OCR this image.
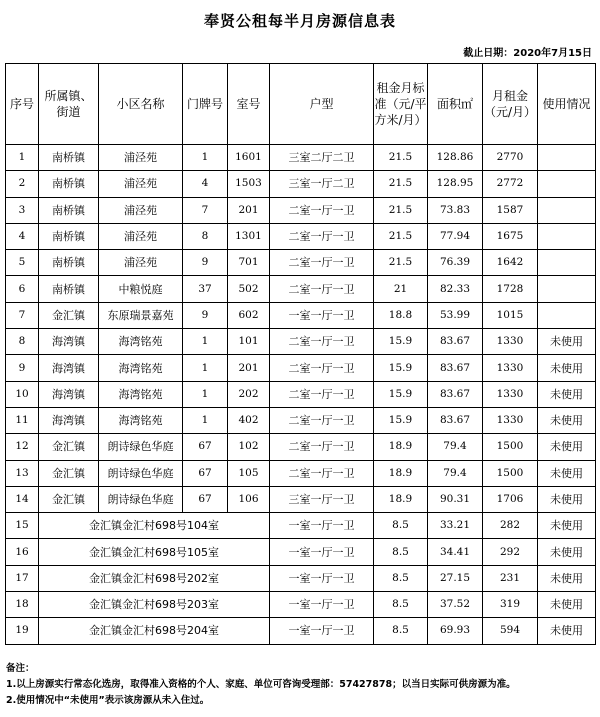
奉贤公租每半月房源信息表
截止日期：2020年7月15日
序号	所属镇、街道	小区名称	门牌号	室号	户型	租金月标准（元/平方米/月）	面积㎡	月租金（元/月）	使用情况
1	南桥镇	浦泾苑	1	1601	三室二厅二卫	21.5	128.86	2770	
2	南桥镇	浦泾苑	4	1503	三室一厅二卫	21.5	128.95	2772	
3	南桥镇	浦泾苑	7	201	二室一厅一卫	21.5	73.83	1587	
4	南桥镇	浦泾苑	8	1301	二室一厅一卫	21.5	77.94	1675	
5	南桥镇	浦泾苑	9	701	二室一厅一卫	21.5	76.39	1642	
6	南桥镇	中粮悦庭	37	502	二室一厅一卫	21	82.33	1728	
7	金汇镇	东原瑞景嘉苑	9	602	一室一厅一卫	18.8	53.99	1015	
8	海湾镇	海湾铭苑	1	101	二室一厅一卫	15.9	83.67	1330	未使用
9	海湾镇	海湾铭苑	1	201	二室一厅一卫	15.9	83.67	1330	未使用
10	海湾镇	海湾铭苑	1	202	二室一厅一卫	15.9	83.67	1330	未使用
11	海湾镇	海湾铭苑	1	402	二室一厅一卫	15.9	83.67	1330	未使用
12	金汇镇	朗诗绿色华庭	67	102	二室一厅一卫	18.9	79.4	1500	未使用
13	金汇镇	朗诗绿色华庭	67	105	二室一厅一卫	18.9	79.4	1500	未使用
14	金汇镇	朗诗绿色华庭	67	106	三室一厅一卫	18.9	90.31	1706	未使用
15	金汇镇金汇村698号104室				一室一厅一卫	8.5	33.21	282	未使用
16	金汇镇金汇村698号105室				一室一厅一卫	8.5	34.41	292	未使用
17	金汇镇金汇村698号202室				一室一厅一卫	8.5	27.15	231	未使用
18	金汇镇金汇村698号203室				一室一厅一卫	8.5	37.52	319	未使用
19	金汇镇金汇村698号204室				一室一厅一卫	8.5	69.93	594	未使用
备注：
1.以上房源实行常态化选房，取得准入资格的个人、家庭、单位可咨询受理部：57427878；以当日实际可供房源为准。
2.使用情况中“未使用”表示该房源从未入住过。
